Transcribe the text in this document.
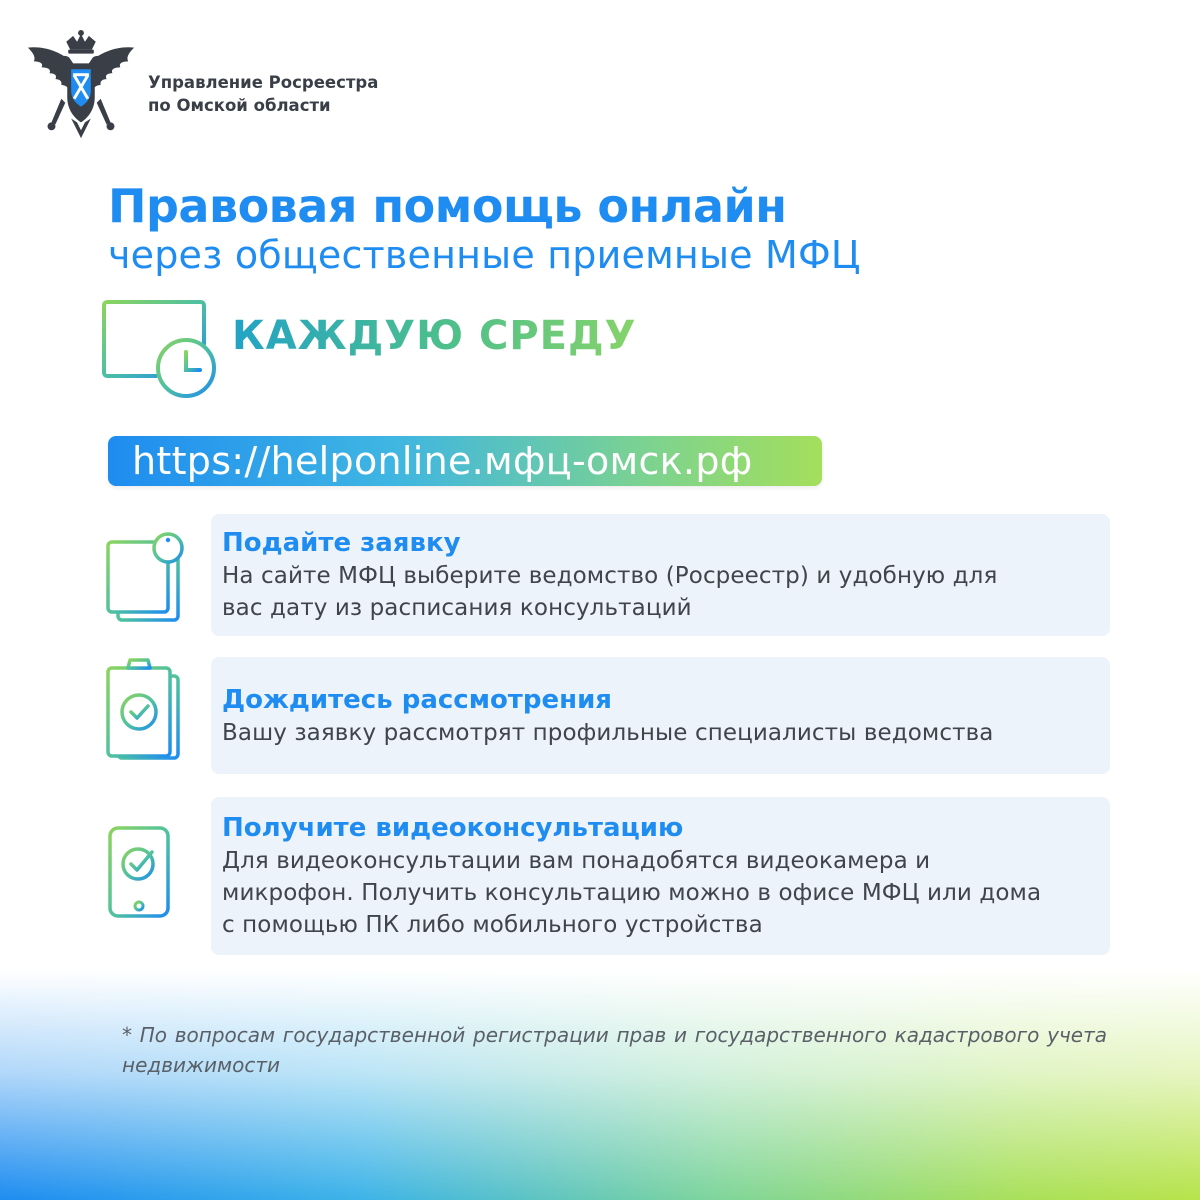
Управление Росреестра
по Омской области
Правовая помощь онлайн
через общественные приемные МФЦ
КАЖДУЮ СРЕДУ
https://helponline.мфц-омск.рф
Подайте заявку
На сайте МФЦ выберите ведомство (Росреестр) и удобную для
вас дату из расписания консультаций
Дождитесь рассмотрения
Вашу заявку рассмотрят профильные специалисты ведомства
Получите видеоконсультацию
Для видеоконсультации вам понадобятся видеокамера и
микрофон. Получить консультацию можно в офисе МФЦ или дома
с помощью ПК либо мобильного устройства
* По вопросам государственной регистрации прав и государственного кадастрового учета недвижимости
